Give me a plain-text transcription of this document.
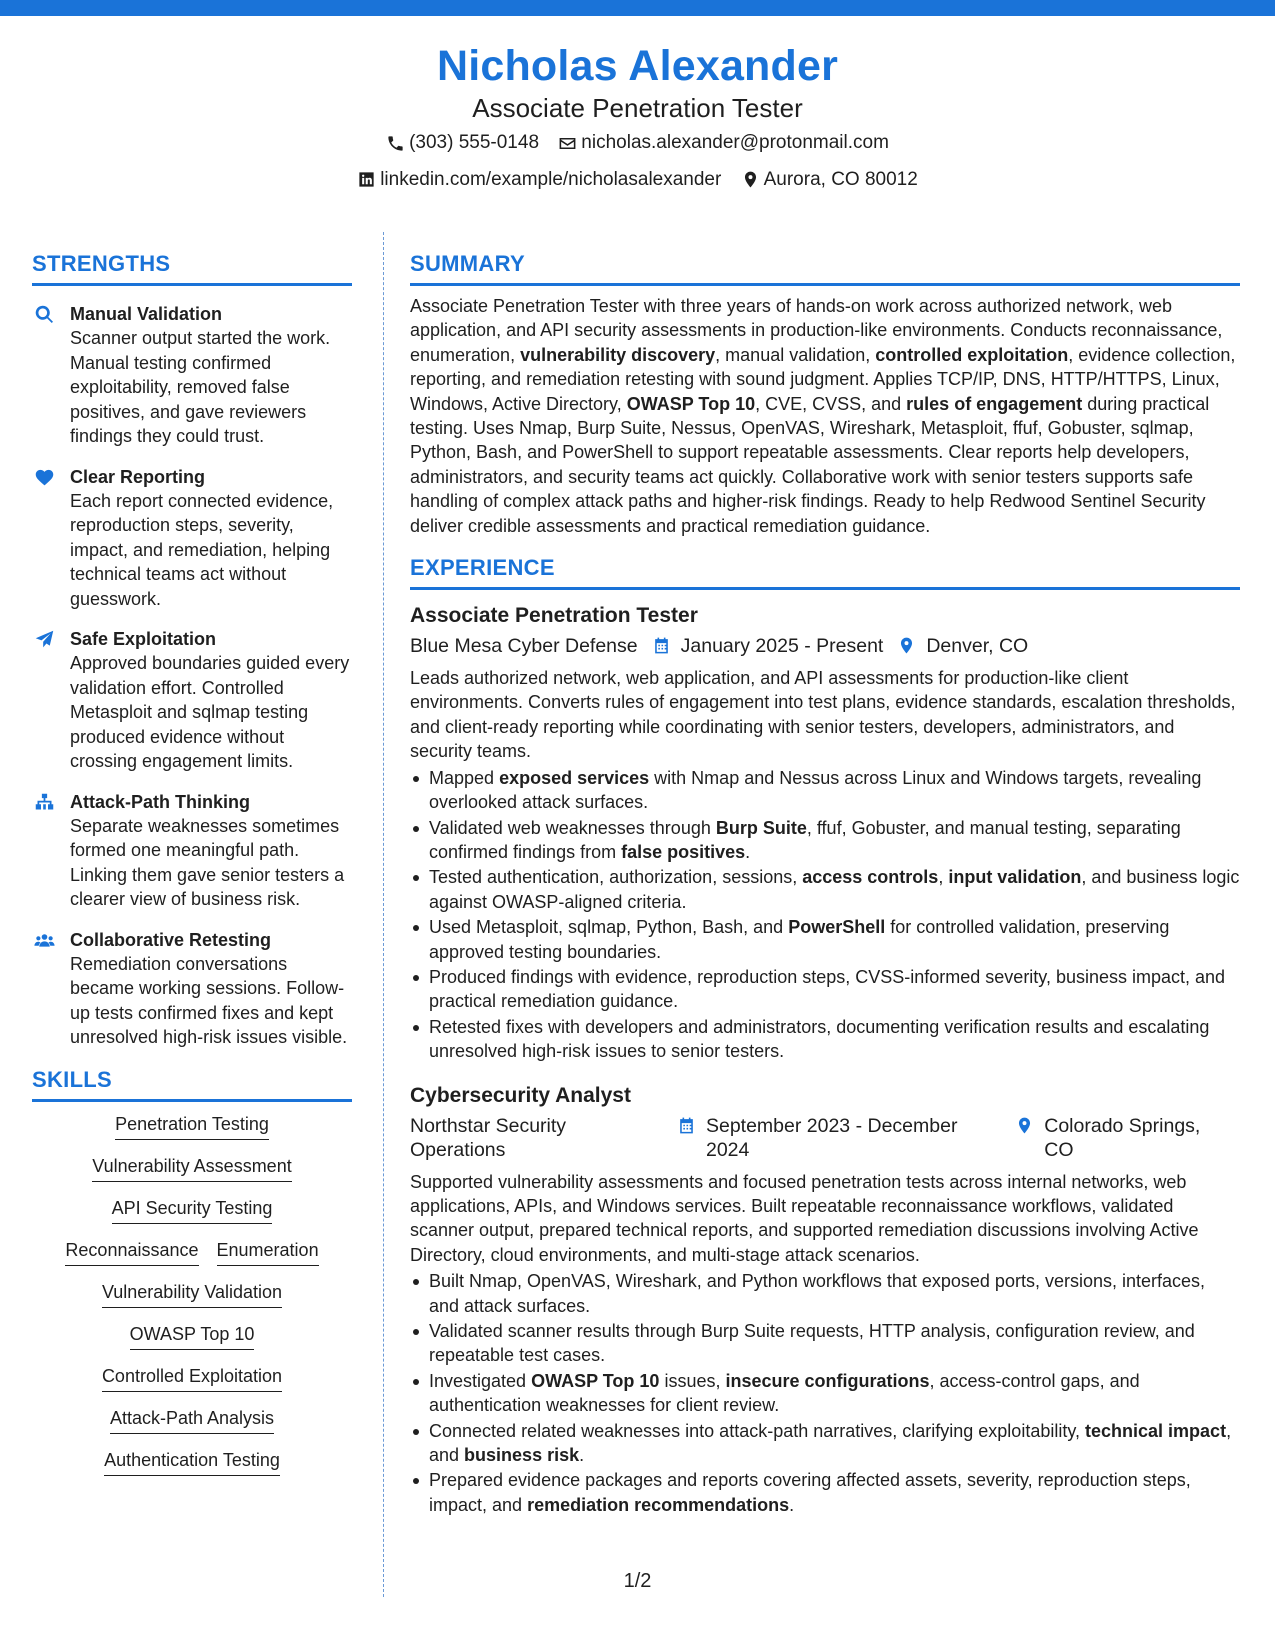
Nicholas Alexander
Associate Penetration Tester
(303) 555-0148
nicholas.alexander@protonmail.com
linkedin.com/example/nicholasalexander
Aurora, CO 80012
STRENGTHS
Manual Validation
Scanner output started the work. Manual testing confirmed exploitability, removed false positives, and gave reviewers findings they could trust.
Clear Reporting
Each report connected evidence, reproduction steps, severity, impact, and remediation, helping technical teams act without guesswork.
Safe Exploitation
Approved boundaries guided every validation effort. Controlled Metasploit and sqlmap testing produced evidence without crossing engagement limits.
Attack-Path Thinking
Separate weaknesses sometimes formed one meaningful path. Linking them gave senior testers a clearer view of business risk.
Collaborative Retesting
Remediation conversations became working sessions. Follow-up tests confirmed fixes and kept unresolved high-risk issues visible.
SKILLS
Penetration Testing
Vulnerability Assessment
API Security Testing
Reconnaissance Enumeration
Vulnerability Validation
OWASP Top 10
Controlled Exploitation
Attack-Path Analysis
Authentication Testing
SUMMARY
Associate Penetration Tester with three years of hands-on work across authorized network, web application, and API security assessments in production-like environments. Conducts reconnaissance, enumeration, vulnerability discovery, manual validation, controlled exploitation, evidence collection, reporting, and remediation retesting with sound judgment. Applies TCP/IP, DNS, HTTP/HTTPS, Linux, Windows, Active Directory, OWASP Top 10, CVE, CVSS, and rules of engagement during practical testing. Uses Nmap, Burp Suite, Nessus, OpenVAS, Wireshark, Metasploit, ffuf, Gobuster, sqlmap, Python, Bash, and PowerShell to support repeatable assessments. Clear reports help developers, administrators, and security teams act quickly. Collaborative work with senior testers supports safe handling of complex attack paths and higher-risk findings. Ready to help Redwood Sentinel Security deliver credible assessments and practical remediation guidance.
EXPERIENCE
Associate Penetration Tester
Blue Mesa Cyber Defense January 2025 - Present Denver, CO
Leads authorized network, web application, and API assessments for production-like client environments. Converts rules of engagement into test plans, evidence standards, escalation thresholds, and client-ready reporting while coordinating with senior testers, developers, administrators, and security teams.
Mapped exposed services with Nmap and Nessus across Linux and Windows targets, revealing overlooked attack surfaces.
Validated web weaknesses through Burp Suite, ffuf, Gobuster, and manual testing, separating confirmed findings from false positives.
Tested authentication, authorization, sessions, access controls, input validation, and business logic against OWASP-aligned criteria.
Used Metasploit, sqlmap, Python, Bash, and PowerShell for controlled validation, preserving approved testing boundaries.
Produced findings with evidence, reproduction steps, CVSS-informed severity, business impact, and practical remediation guidance.
Retested fixes with developers and administrators, documenting verification results and escalating unresolved high-risk issues to senior testers.
Cybersecurity Analyst
Northstar Security Operations
September 2023 - December 2024
Colorado Springs, CO
Supported vulnerability assessments and focused penetration tests across internal networks, web applications, APIs, and Windows services. Built repeatable reconnaissance workflows, validated scanner output, prepared technical reports, and supported remediation discussions involving Active Directory, cloud environments, and multi-stage attack scenarios.
Built Nmap, OpenVAS, Wireshark, and Python workflows that exposed ports, versions, interfaces, and attack surfaces.
Validated scanner results through Burp Suite requests, HTTP analysis, configuration review, and repeatable test cases.
Investigated OWASP Top 10 issues, insecure configurations, access-control gaps, and authentication weaknesses for client review.
Connected related weaknesses into attack-path narratives, clarifying exploitability, technical impact, and business risk.
Prepared evidence packages and reports covering affected assets, severity, reproduction steps, impact, and remediation recommendations.
1/2
